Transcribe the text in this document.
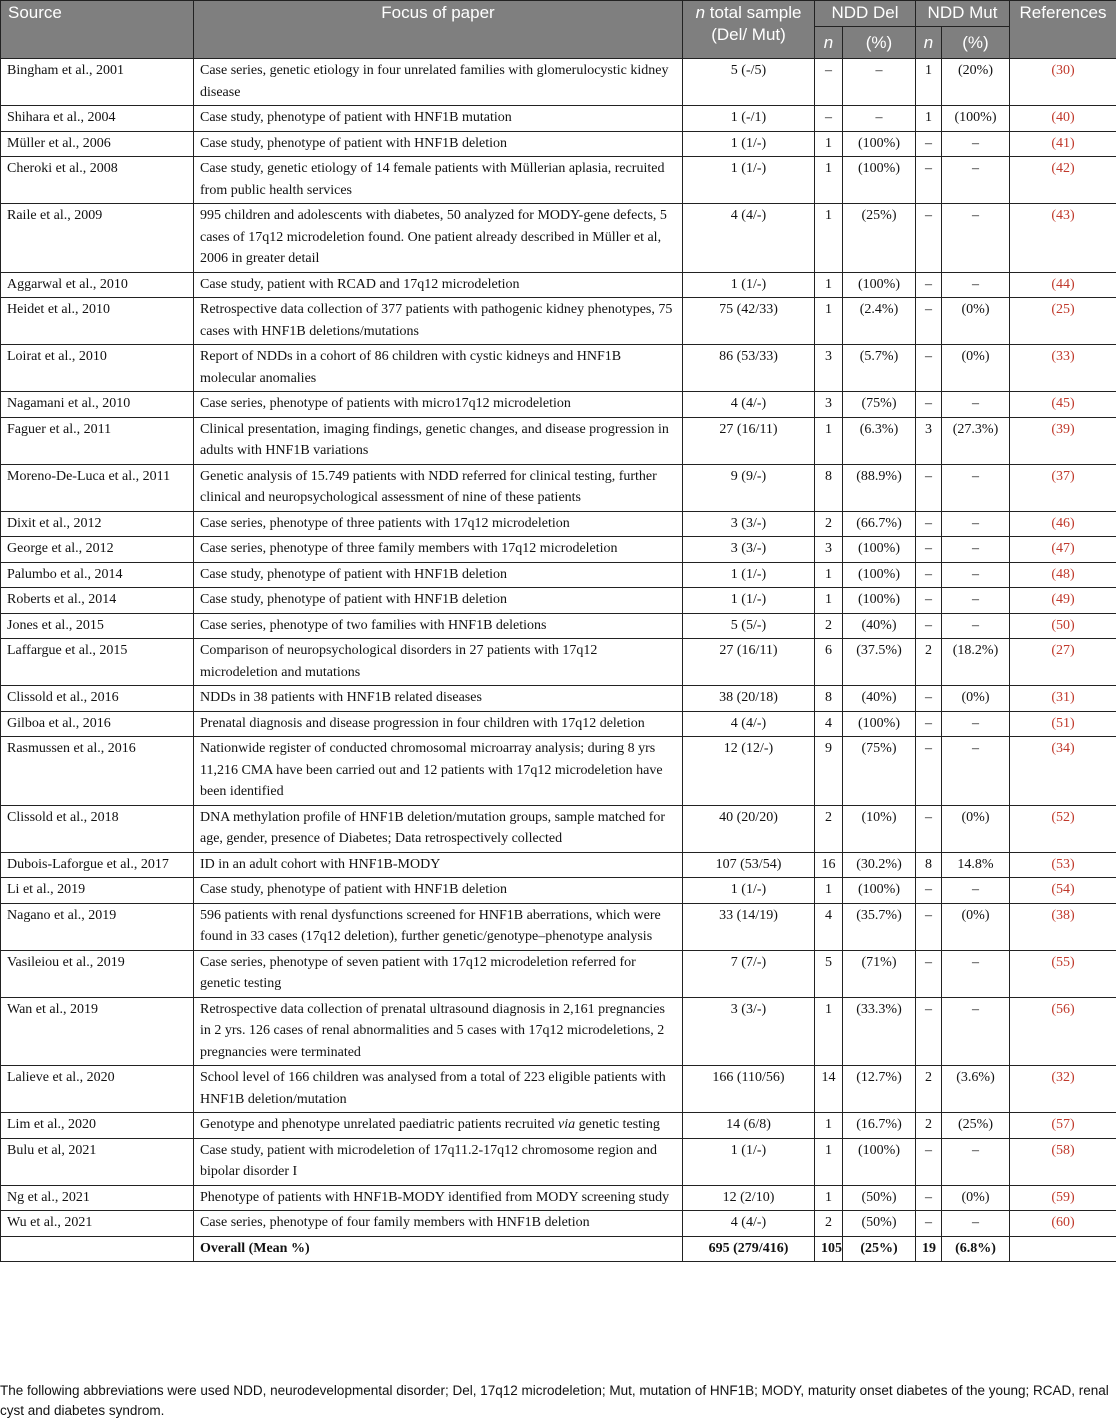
Source	Focus of paper	n total sample (Del/ Mut)	NDD Del		NDD Mut		References
			n	(%)	n	(%)	
Bingham et al., 2001	Case series, genetic etiology in four unrelated families with glomerulocystic kidney disease	5 (-/5)	–	–	1	(20%)	(30)
Shihara et al., 2004	Case study, phenotype of patient with HNF1B mutation	1 (-/1)	–	–	1	(100%)	(40)
Müller et al., 2006	Case study, phenotype of patient with HNF1B deletion	1 (1/-)	1	(100%)	–	–	(41)
Cheroki et al., 2008	Case study, genetic etiology of 14 female patients with Müllerian aplasia, recruited from public health services	1 (1/-)	1	(100%)	–	–	(42)
Raile et al., 2009	995 children and adolescents with diabetes, 50 analyzed for MODY-gene defects, 5 cases of 17q12 microdeletion found. One patient already described in Müller et al, 2006 in greater detail	4 (4/-)	1	(25%)	–	–	(43)
Aggarwal et al., 2010	Case study, patient with RCAD and 17q12 microdeletion	1 (1/-)	1	(100%)	–	–	(44)
Heidet et al., 2010	Retrospective data collection of 377 patients with pathogenic kidney phenotypes, 75 cases with HNF1B deletions/mutations	75 (42/33)	1	(2.4%)	–	(0%)	(25)
Loirat et al., 2010	Report of NDDs in a cohort of 86 children with cystic kidneys and HNF1B molecular anomalies	86 (53/33)	3	(5.7%)	–	(0%)	(33)
Nagamani et al., 2010	Case series, phenotype of patients with micro17q12 microdeletion	4 (4/-)	3	(75%)	–	–	(45)
Faguer et al., 2011	Clinical presentation, imaging findings, genetic changes, and disease progression in adults with HNF1B variations	27 (16/11)	1	(6.3%)	3	(27.3%)	(39)
Moreno-De-Luca et al., 2011	Genetic analysis of 15.749 patients with NDD referred for clinical testing, further clinical and neuropsychological assessment of nine of these patients	9 (9/-)	8	(88.9%)	–	–	(37)
Dixit et al., 2012	Case series, phenotype of three patients with 17q12 microdeletion	3 (3/-)	2	(66.7%)	–	–	(46)
George et al., 2012	Case series, phenotype of three family members with 17q12 microdeletion	3 (3/-)	3	(100%)	–	–	(47)
Palumbo et al., 2014	Case study, phenotype of patient with HNF1B deletion	1 (1/-)	1	(100%)	–	–	(48)
Roberts et al., 2014	Case study, phenotype of patient with HNF1B deletion	1 (1/-)	1	(100%)	–	–	(49)
Jones et al., 2015	Case series, phenotype of two families with HNF1B deletions	5 (5/-)	2	(40%)	–	–	(50)
Laffargue et al., 2015	Comparison of neuropsychological disorders in 27 patients with 17q12 microdeletion and mutations	27 (16/11)	6	(37.5%)	2	(18.2%)	(27)
Clissold et al., 2016	NDDs in 38 patients with HNF1B related diseases	38 (20/18)	8	(40%)	–	(0%)	(31)
Gilboa et al., 2016	Prenatal diagnosis and disease progression in four children with 17q12 deletion	4 (4/-)	4	(100%)	–	–	(51)
Rasmussen et al., 2016	Nationwide register of conducted chromosomal microarray analysis; during 8 yrs 11,216 CMA have been carried out and 12 patients with 17q12 microdeletion have been identified	12 (12/-)	9	(75%)	–	–	(34)
Clissold et al., 2018	DNA methylation profile of HNF1B deletion/mutation groups, sample matched for age, gender, presence of Diabetes; Data retrospectively collected	40 (20/20)	2	(10%)	–	(0%)	(52)
Dubois-Laforgue et al., 2017	ID in an adult cohort with HNF1B-MODY	107 (53/54)	16	(30.2%)	8	14.8%	(53)
Li et al., 2019	Case study, phenotype of patient with HNF1B deletion	1 (1/-)	1	(100%)	–	–	(54)
Nagano et al., 2019	596 patients with renal dysfunctions screened for HNF1B aberrations, which were found in 33 cases (17q12 deletion), further genetic/genotype–phenotype analysis	33 (14/19)	4	(35.7%)	–	(0%)	(38)
Vasileiou et al., 2019	Case series, phenotype of seven patient with 17q12 microdeletion referred for genetic testing	7 (7/-)	5	(71%)	–	–	(55)
Wan et al., 2019	Retrospective data collection of prenatal ultrasound diagnosis in 2,161 pregnancies in 2 yrs. 126 cases of renal abnormalities and 5 cases with 17q12 microdeletions, 2 pregnancies were terminated	3 (3/-)	1	(33.3%)	–	–	(56)
Lalieve et al., 2020	School level of 166 children was analysed from a total of 223 eligible patients with HNF1B deletion/mutation	166 (110/56)	14	(12.7%)	2	(3.6%)	(32)
Lim et al., 2020	Genotype and phenotype unrelated paediatric patients recruited via genetic testing	14 (6/8)	1	(16.7%)	2	(25%)	(57)
Bulu et al, 2021	Case study, patient with microdeletion of 17q11.2-17q12 chromosome region and bipolar disorder I	1 (1/-)	1	(100%)	–	–	(58)
Ng et al., 2021	Phenotype of patients with HNF1B-MODY identified from MODY screening study	12 (2/10)	1	(50%)	–	(0%)	(59)
Wu et al., 2021	Case series, phenotype of four family members with HNF1B deletion	4 (4/-)	2	(50%)	–	–	(60)
	Overall (Mean %)	695 (279/416)	105	(25%)	19	(6.8%)	
The following abbreviations were used NDD, neurodevelopmental disorder; Del, 17q12 microdeletion; Mut, mutation of HNF1B; MODY, maturity onset diabetes of the young; RCAD, renal cyst and diabetes syndrom.
